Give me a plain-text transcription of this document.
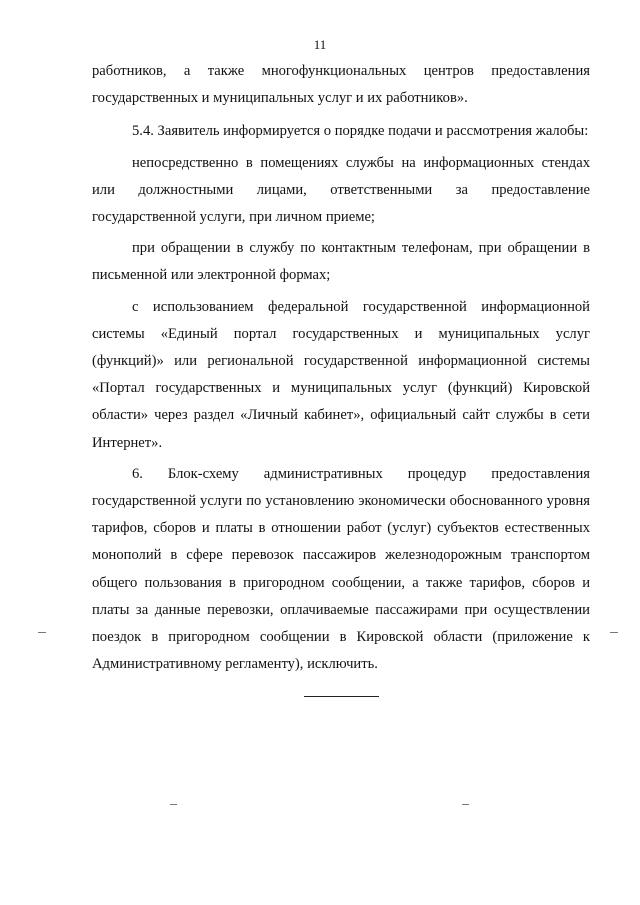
11

работников, а также многофункциональных центров предоставления государственных и муниципальных услуг и их работников».

5.4. Заявитель информируется о порядке подачи и рассмотрения жалобы:

непосредственно в помещениях службы на информационных стендах или должностными лицами, ответственными за предоставление государственной услуги, при личном приеме;

при обращении в службу по контактным телефонам, при обращении в письменной или электронной формах;

с использованием федеральной государственной информационной системы «Единый портал государственных и муниципальных услуг (функций)» или региональной государственной информационной системы «Портал государственных и муниципальных услуг (функций) Кировской области» через раздел «Личный кабинет», официальный сайт службы в сети Интернет».

6. Блок-схему административных процедур предоставления государственной услуги по установлению экономически обоснованного уровня тарифов, сборов и платы в отношении работ (услуг) субъектов естественных монополий в сфере перевозок пассажиров железнодорожным транспортом общего пользования в пригородном сообщении, а также тарифов, сборов и платы за данные перевозки, оплачиваемые пассажирами при осуществлении поездок в пригородном сообщении в Кировской области (приложение к Административному регламенту), исключить.
